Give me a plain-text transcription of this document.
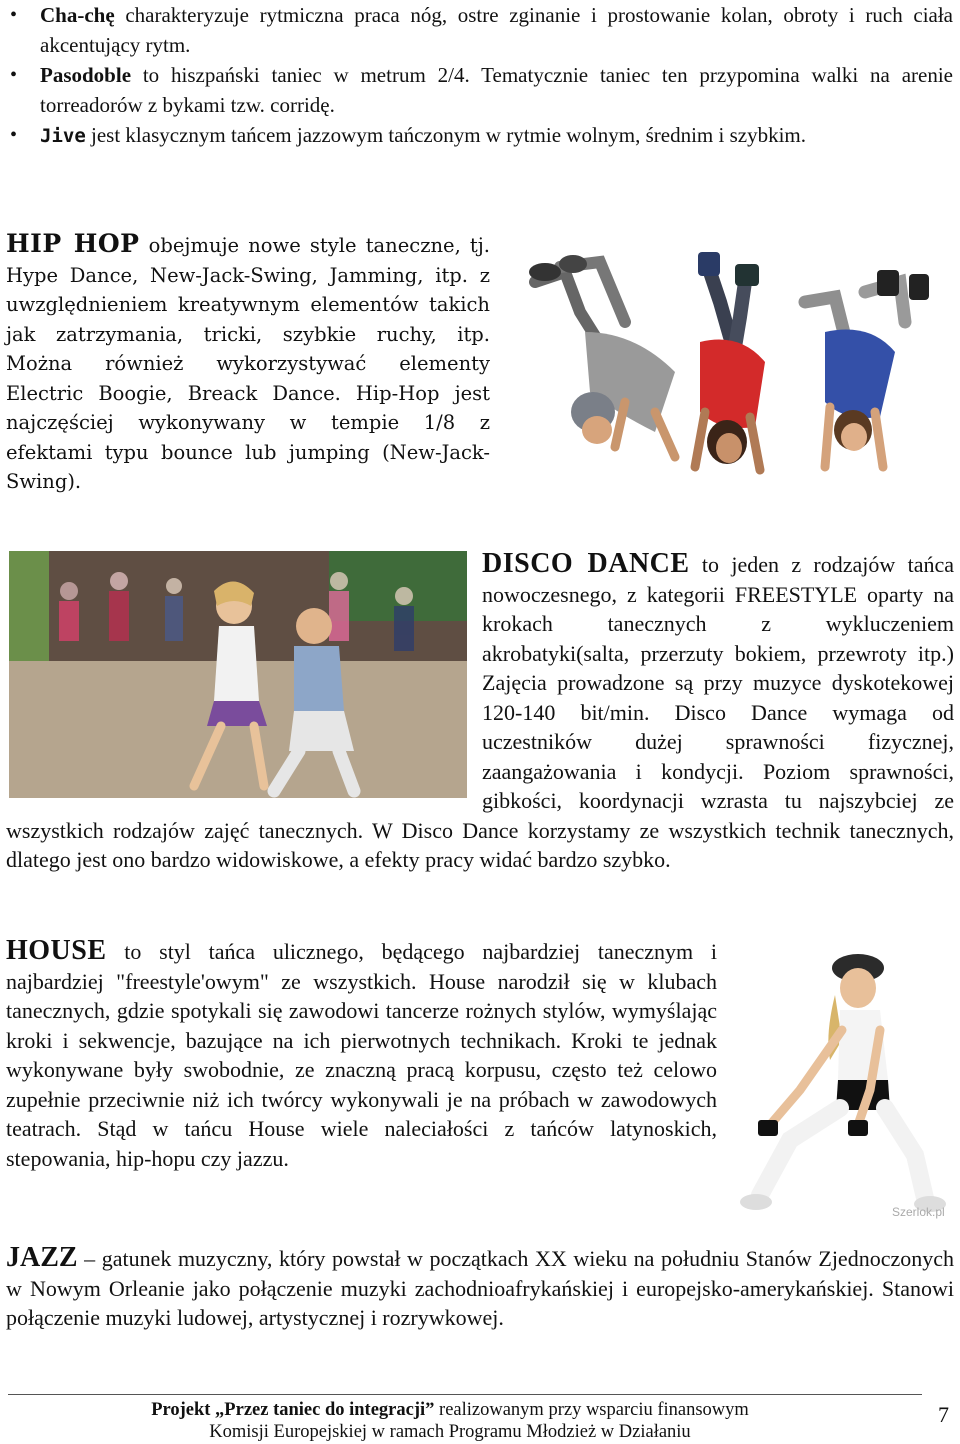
• Cha-chę charakteryzuje rytmiczna praca nóg, ostre zginanie i prostowanie kolan, obroty i ruch ciała akcentujący rytm.
• Pasodoble to hiszpański taniec w metrum 2/4. Tematycznie taniec ten przypomina walki na arenie torreadorów z bykami tzw. corridę.
• Jive jest klasycznym tańcem jazzowym tańczonym w rytmie wolnym, średnim i szybkim.

HIP HOP obejmuje nowe style taneczne, tj. Hype Dance, New-Jack-Swing, Jamming, itp. z uwzględnieniem kreatywnym elementów takich jak zatrzymania, tricki, szybkie ruchy, itp. Można również wykorzystywać elementy Electric Boogie, Breack Dance. Hip-Hop jest najczęściej wykonywany w tempie 1/8 z efektami typu bounce lub jumping (New-Jack-Swing).

DISCO DANCE to jeden z rodzajów tańca nowoczesnego, z kategorii FREESTYLE oparty na krokach tanecznych z wykluczeniem akrobatyki(salta, przerzuty bokiem, przewroty itp.) Zajęcia prowadzone są przy muzyce dyskotekowej 120-140 bit/min. Disco Dance wymaga od uczestników dużej sprawności fizycznej, zaangażowania i kondycji. Poziom sprawności, gibkości, koordynacji wzrasta tu najszybciej ze wszystkich rodzajów zajęć tanecznych. W Disco Dance korzystamy ze wszystkich technik tanecznych, dlatego jest ono bardzo widowiskowe, a efekty pracy widać bardzo szybko.

HOUSE to styl tańca ulicznego, będącego najbardziej tanecznym i najbardziej "freestyle'owym" ze wszystkich. House narodził się w klubach tanecznych, gdzie spotykali się zawodowi tancerze rożnych stylów, wymyślając kroki i sekwencje, bazujące na ich pierwotnych technikach. Kroki te jednak wykonywane były swobodnie, ze znaczną pracą korpusu, często też celowo zupełnie przeciwnie niż ich twórcy wykonywali je na próbach w zawodowych teatrach. Stąd w tańcu House wiele naleciałości z tańców latynoskich, stepowania, hip-hopu czy jazzu.

Szerlok.pl

JAZZ – gatunek muzyczny, który powstał w początkach XX wieku na południu Stanów Zjednoczonych w Nowym Orleanie jako połączenie muzyki zachodnioafrykańskiej i europejsko-amerykańskiej. Stanowi połączenie muzyki ludowej, artystycznej i rozrywkowej.

Projekt „Przez taniec do integracji” realizowanym przy wsparciu finansowym
Komisji Europejskiej w ramach Programu Młodzież w Działaniu
7
